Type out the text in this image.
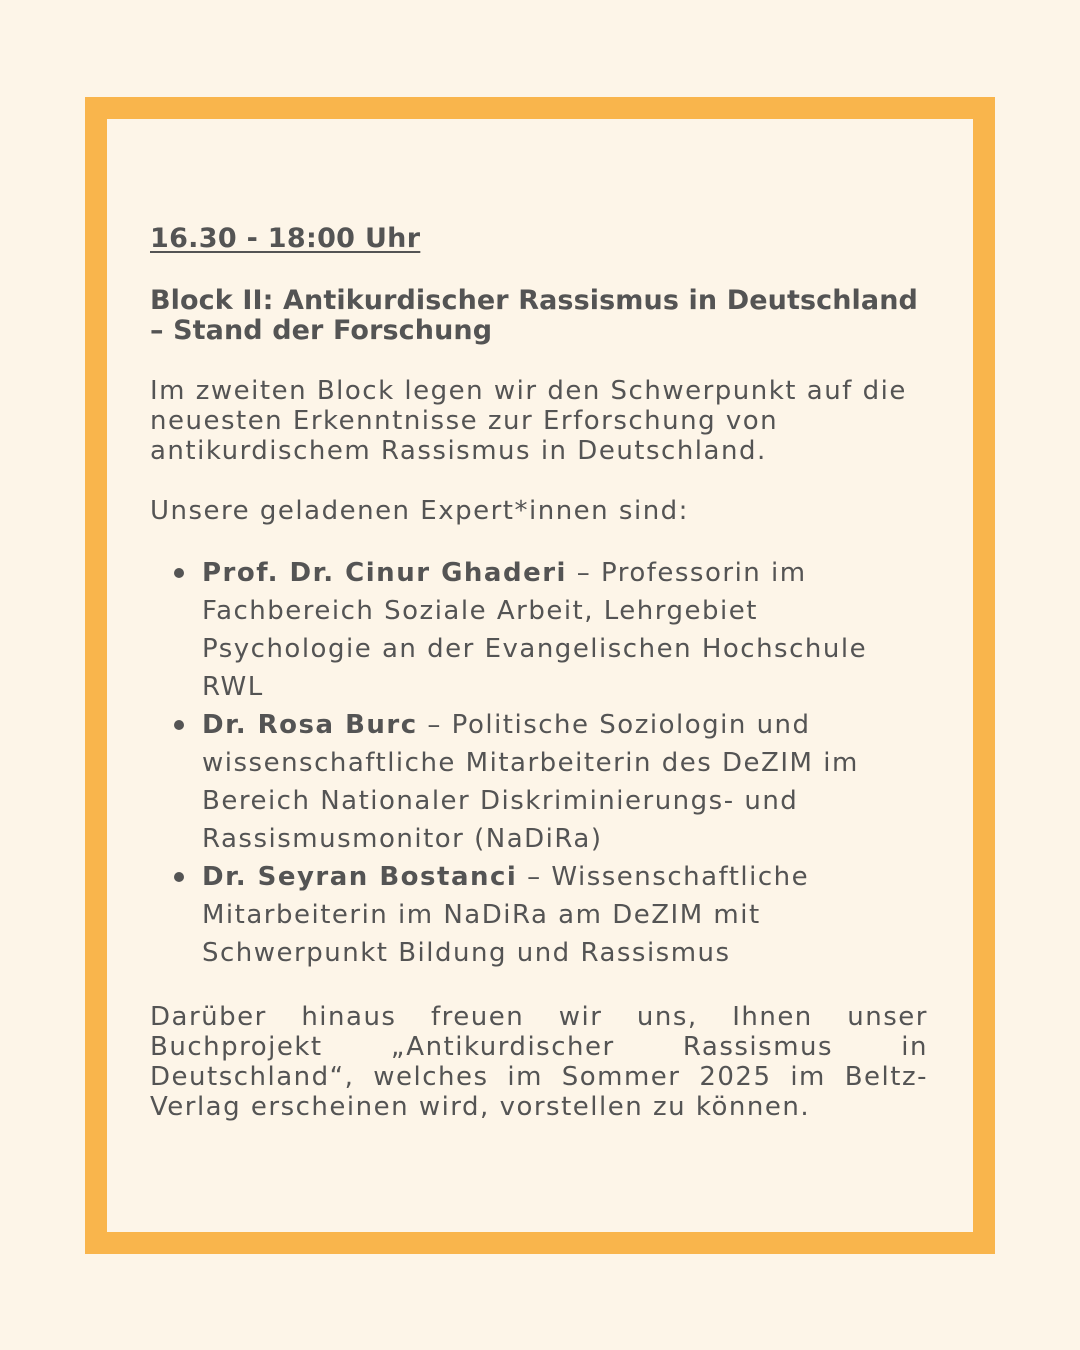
16.30 - 18:00 Uhr
Block II: Antikurdischer Rassismus in Deutschland – Stand der Forschung

Im zweiten Block legen wir den Schwerpunkt auf die neuesten Erkenntnisse zur Erforschung von antikurdischem Rassismus in Deutschland.

Unsere geladenen Expert*innen sind:

Prof. Dr. Cinur Ghaderi – Professorin im Fachbereich Soziale Arbeit, Lehrgebiet Psychologie an der Evangelischen Hochschule RWL
Dr. Rosa Burc – Politische Soziologin und wissenschaftliche Mitarbeiterin des DeZIM im Bereich Nationaler Diskriminierungs- und Rassismusmonitor (NaDiRa)
Dr. Seyran Bostanci – Wissenschaftliche Mitarbeiterin im NaDiRa am DeZIM mit Schwerpunkt Bildung und Rassismus

Darüber hinaus freuen wir uns, Ihnen unser Buchprojekt „Antikurdischer Rassismus in Deutschland“, welches im Sommer 2025 im Beltz-Verlag erscheinen wird, vorstellen zu können.
